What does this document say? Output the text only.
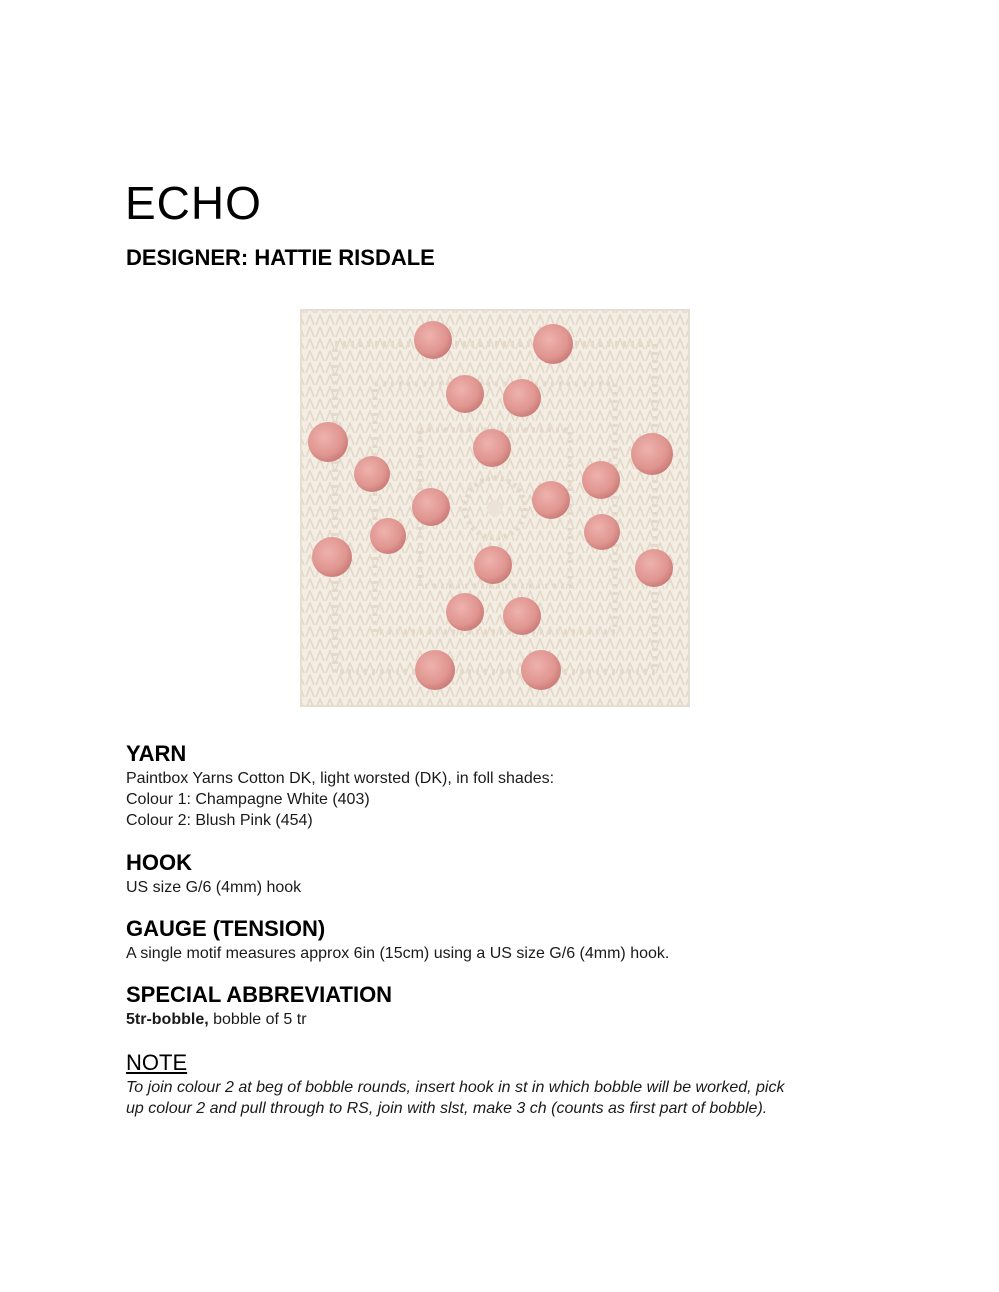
ECHO
DESIGNER: HATTIE RISDALE

YARN

Paintbox Yarns Cotton DK, light worsted (DK), in foll shades:

Colour 1: Champagne White (403)

Colour 2: Blush Pink (454)

HOOK

US size G/6 (4mm) hook

GAUGE (TENSION)

A single motif measures approx 6in (15cm) using a US size G/6 (4mm) hook.

SPECIAL ABBREVIATION

5tr-bobble, bobble of 5 tr

NOTE

To join colour 2 at beg of bobble rounds, insert hook in st in which bobble will be worked, pick

up colour 2 and pull through to RS, join with slst, make 3 ch (counts as first part of bobble).
